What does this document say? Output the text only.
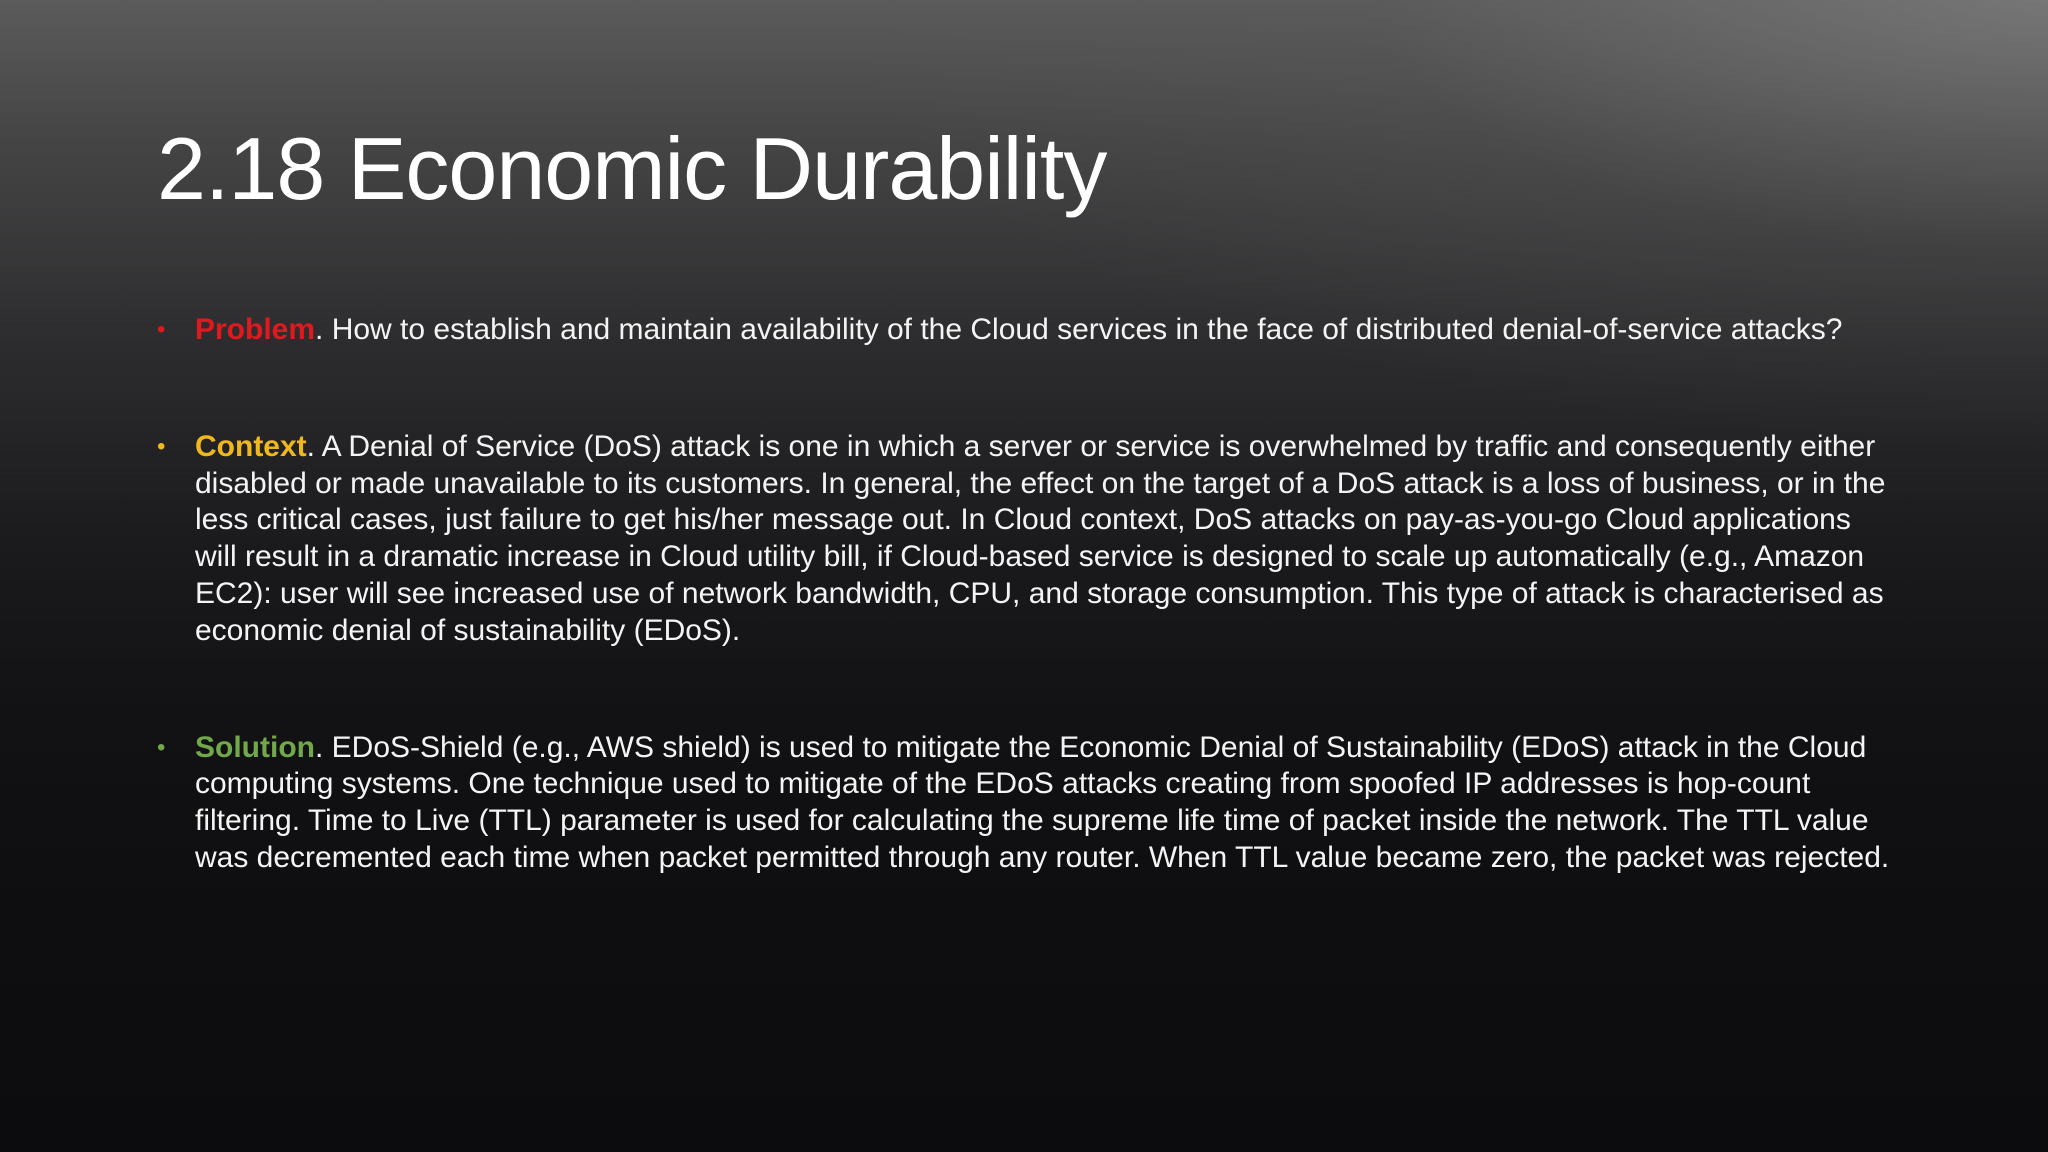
2.18 Economic Durability
• Problem. How to establish and maintain availability of the Cloud services in the face of distributed denial-of-service attacks?
• Context. A Denial of Service (DoS) attack is one in which a server or service is overwhelmed by traffic and consequently either disabled or made unavailable to its customers. In general, the effect on the target of a DoS attack is a loss of business, or in the less critical cases, just failure to get his/her message out. In Cloud context, DoS attacks on pay-as-you-go Cloud applications will result in a dramatic increase in Cloud utility bill, if Cloud-based service is designed to scale up automatically (e.g., Amazon EC2): user will see increased use of network bandwidth, CPU, and storage consumption. This type of attack is characterised as economic denial of sustainability (EDoS).
• Solution. EDoS-Shield (e.g., AWS shield) is used to mitigate the Economic Denial of Sustainability (EDoS) attack in the Cloud computing systems. One technique used to mitigate of the EDoS attacks creating from spoofed IP addresses is hop-count filtering. Time to Live (TTL) parameter is used for calculating the supreme life time of packet inside the network. The TTL value was decremented each time when packet permitted through any router. When TTL value became zero, the packet was rejected.
